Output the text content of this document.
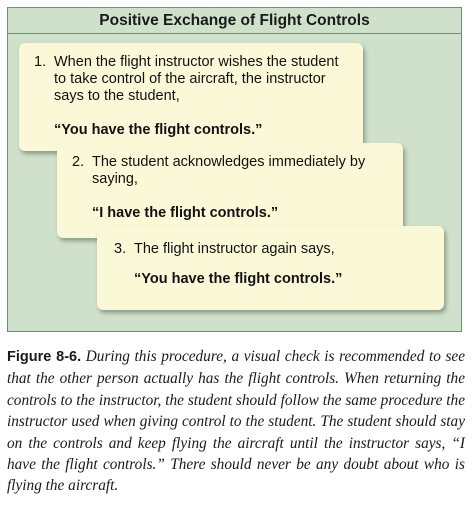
Positive Exchange of Flight Controls
1. When the flight instructor wishes the student to take control of the aircraft, the instructor says to the student,
“You have the flight controls.”
2. The student acknowledges immediately by saying,
“I have the flight controls.”
3. The flight instructor again says,
“You have the flight controls.”
Figure 8-6. During this procedure, a visual check is recommended to see that the other person actually has the flight controls. When returning the controls to the instructor, the student should follow the same procedure the instructor used when giving control to the student. The student should stay on the controls and keep flying the aircraft until the instructor says, “I have the flight controls.” There should never be any doubt about who is flying the aircraft.
